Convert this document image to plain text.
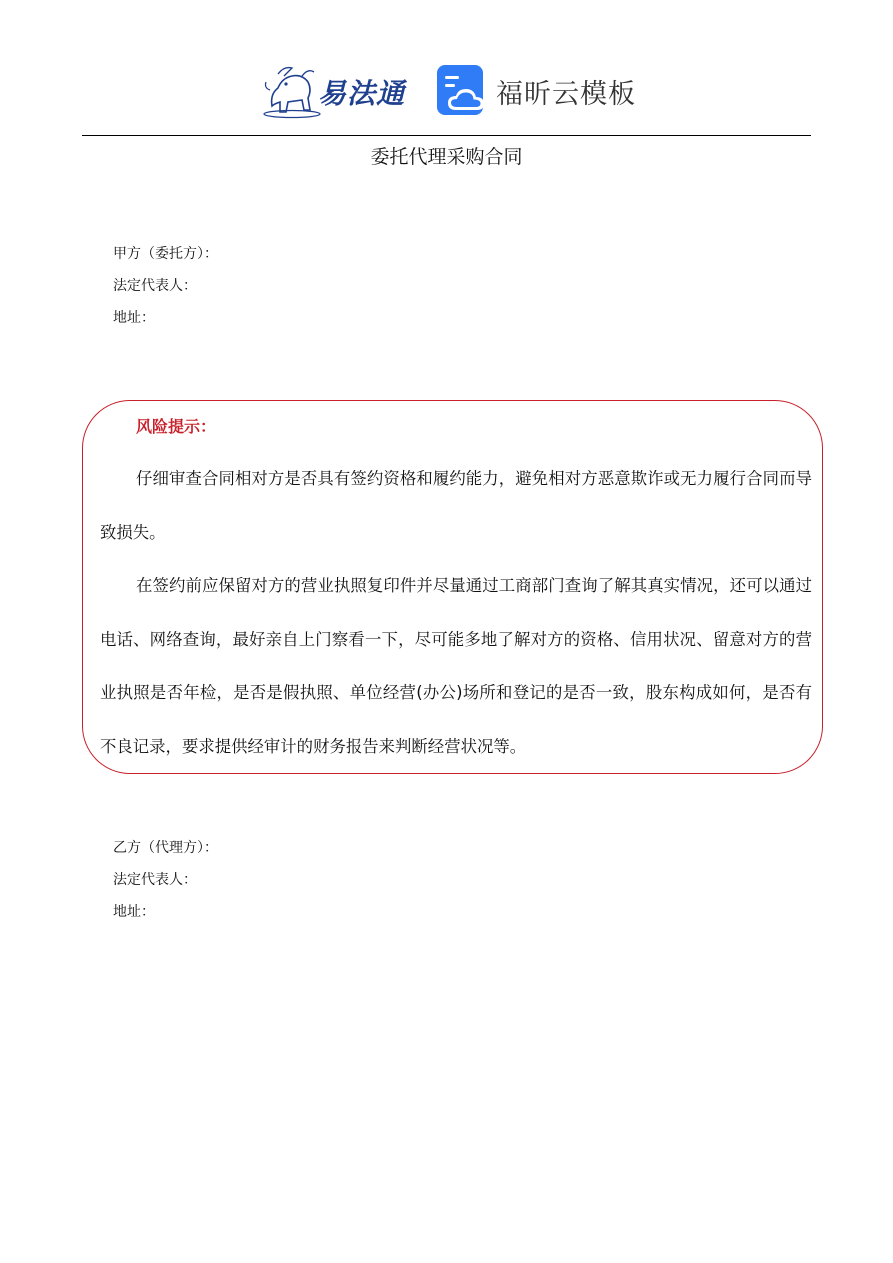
易法通	福昕云模板
委托代理采购合同
甲方（委托方）：
法定代表人：
地址：
风险提示：

仔细审查合同相对方是否具有签约资格和履约能力，避免相对方恶意欺诈或无力履行合同而导致损失。

在签约前应保留对方的营业执照复印件并尽量通过工商部门查询了解其真实情况，还可以通过电话、网络查询，最好亲自上门察看一下，尽可能多地了解对方的资格、信用状况、留意对方的营业执照是否年检，是否是假执照、单位经营(办公)场所和登记的是否一致，股东构成如何，是否有不良记录，要求提供经审计的财务报告来判断经营状况等。

乙方（代理方）：
法定代表人：
地址：
